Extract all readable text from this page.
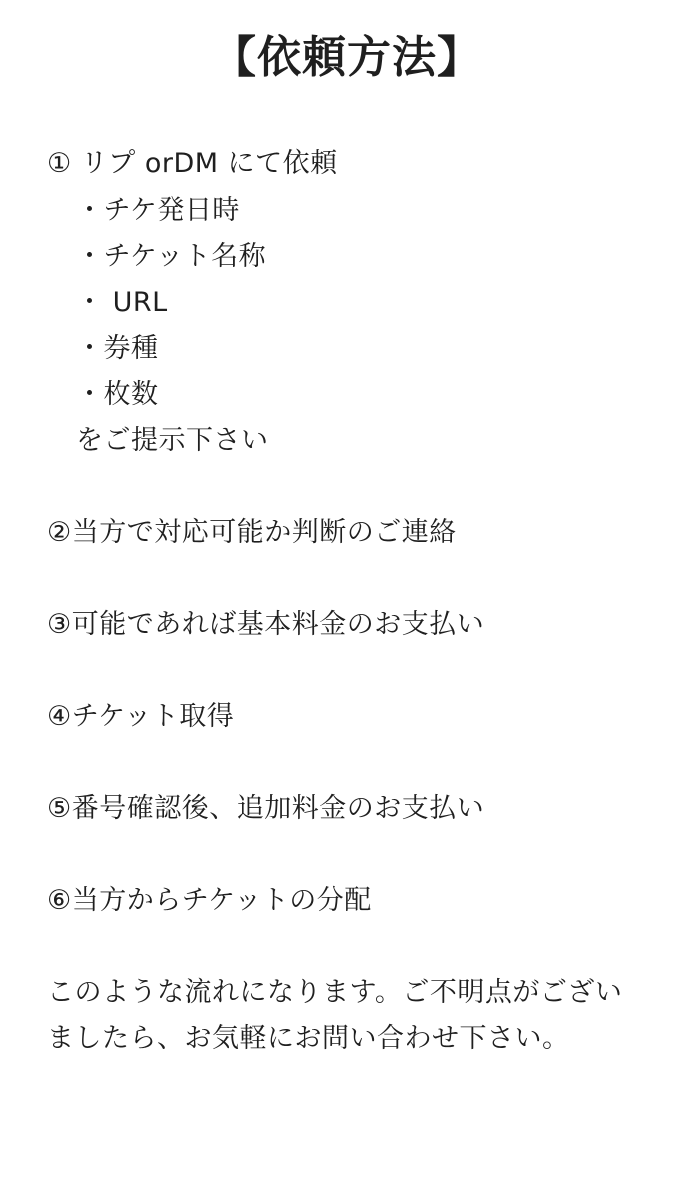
【依頼方法】
① リプ orDM にて依頼
・チケ発日時
・チケット名称
・ URL
・券種
・枚数
をご提示下さい
②当方で対応可能か判断のご連絡
③可能であれば基本料金のお支払い
④チケット取得
⑤番号確認後、追加料金のお支払い
⑥当方からチケットの分配
このような流れになります。ご不明点がござい
ましたら、お気軽にお問い合わせ下さい。
